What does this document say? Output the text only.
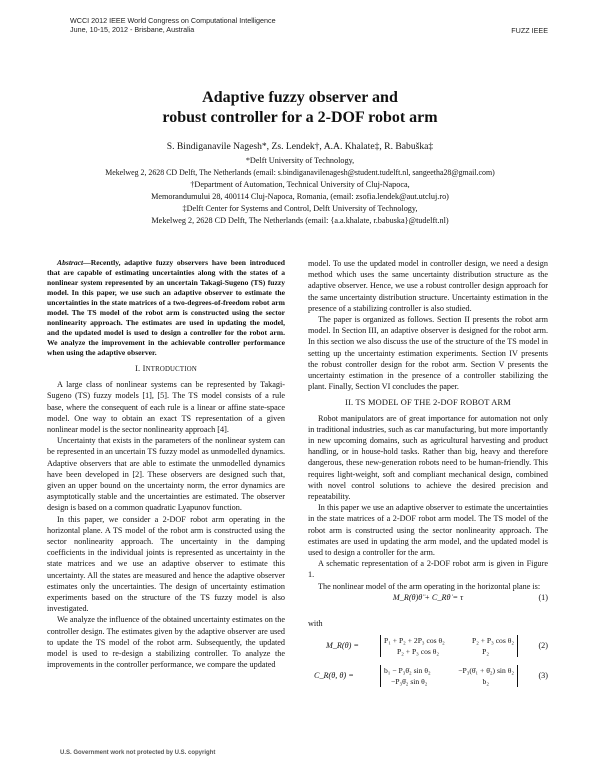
WCCI 2012 IEEE World Congress on Computational Intelligence
June, 10-15, 2012 - Brisbane, Australia	FUZZ IEEE
Adaptive fuzzy observer and
robust controller for a 2-DOF robot arm
S. Bindiganavile Nagesh*, Zs. Lendek†, A.A. Khalate‡, R. Babuška‡
*Delft University of Technology,
Mekelweg 2, 2628 CD Delft, The Netherlands (email: s.bindiganavilenagesh@student.tudelft.nl, sangeetha28@gmail.com)
†Department of Automation, Technical University of Cluj-Napoca,
Memorandumului 28, 400114 Cluj-Napoca, Romania, (email: zsofia.lendek@aut.utcluj.ro)
‡Delft Center for Systems and Control, Delft University of Technology,
Mekelweg 2, 2628 CD Delft, The Netherlands (email: {a.a.khalate, r.babuska}@tudelft.nl)

Abstract—Recently, adaptive fuzzy observers have been introduced that are capable of estimating uncertainties along with the states of a nonlinear system represented by an uncertain Takagi-Sugeno (TS) fuzzy model. In this paper, we use such an adaptive observer to estimate the uncertainties in the state matrices of a two-degrees-of-freedom robot arm model. The TS model of the robot arm is constructed using the sector nonlinearity approach. The estimates are used in updating the model, and the updated model is used to design a controller for the robot arm. We analyze the improvement in the achievable controller performance when using the adaptive observer.

I. INTRODUCTION

A large class of nonlinear systems can be represented by Takagi-Sugeno (TS) fuzzy models [1], [5]. The TS model consists of a rule base, where the consequent of each rule is a linear or affine state-space model. One way to obtain an exact TS representation of a given nonlinear model is the sector nonlinearity approach [4].

Uncertainty that exists in the parameters of the nonlinear system can be represented in an uncertain TS fuzzy model as unmodelled dynamics. Adaptive observers that are able to estimate the unmodelled dynamics have been developed in [2]. These observers are designed such that, given an upper bound on the uncertainty norm, the error dynamics are asymptotically stable and the uncertainties are estimated. The observer design is based on a common quadratic Lyapunov function.

In this paper, we consider a 2-DOF robot arm operating in the horizontal plane. A TS model of the robot arm is constructed using the sector nonlinearity approach. The uncertainty in the damping coefficients in the individual joints is represented as uncertainty in the state matrices and we use an adaptive observer to estimate this uncertainty. All the states are measured and hence the adaptive observer estimates only the uncertainties. The design of uncertainty estimation experiments based on the structure of the TS fuzzy model is also investigated.

We analyze the influence of the obtained uncertainty estimates on the controller design. The estimates given by the adaptive observer are used to update the TS model of the robot arm. Subsequently, the updated model is used to re-design a stabilizing controller. To analyze the improvements in the controller performance, we compare the updated

model. To use the updated model in controller design, we need a design method which uses the same uncertainty distribution structure as the adaptive observer. Hence, we use a robust controller design approach for the same uncertainty distribution structure. Uncertainty estimation in the presence of a stabilizing controller is also studied.

The paper is organized as follows. Section II presents the robot arm model. In Section III, an adaptive observer is designed for the robot arm. In this section we also discuss the use of the structure of the TS model in setting up the uncertainty estimation experiments. Section IV presents the robust controller design for the robot arm. Section V presents the uncertainty estimation in the presence of a controller stabilizing the plant. Finally, Section VI concludes the paper.

II. TS MODEL OF THE 2-DOF ROBOT ARM

Robot manipulators are of great importance for automation not only in traditional industries, such as car manufacturing, but more importantly in new upcoming domains, such as agricultural harvesting and product handling, or in house-hold tasks. Rather than big, heavy and therefore dangerous, these new-generation robots need to be human-friendly. This requires light-weight, soft and compliant mechanical design, combined with novel control solutions to achieve the desired precision and repeatability.

In this paper we use an adaptive observer to estimate the uncertainties in the state matrices of a 2-DOF robot arm model. The TS model of the robot arm is constructed using the sector nonlinearity approach. The estimates are used in updating the arm model, and the updated model is used to design a controller for the arm.

A schematic representation of a 2-DOF robot arm is given in Figure 1.

The nonlinear model of the arm operating in the horizontal plane is:

M_R(θ)θ̈ + C_Rθ̇ = τ	(1)
with
M_R(θ) =
P₁ + P₂ + 2P₃ cos θ₂	P₂ + P₃ cos θ₂
P₂ + P₃ cos θ₂	P₂
(2)
C_R(θ, θ̇) =
b₁ − P₃θ̇₂ sin θ₂	−P₃(θ̇₁ + θ̇₂) sin θ₂
−P₃θ̇₂ sin θ₂	b₂
(3)
U.S. Government work not protected by U.S. copyright
